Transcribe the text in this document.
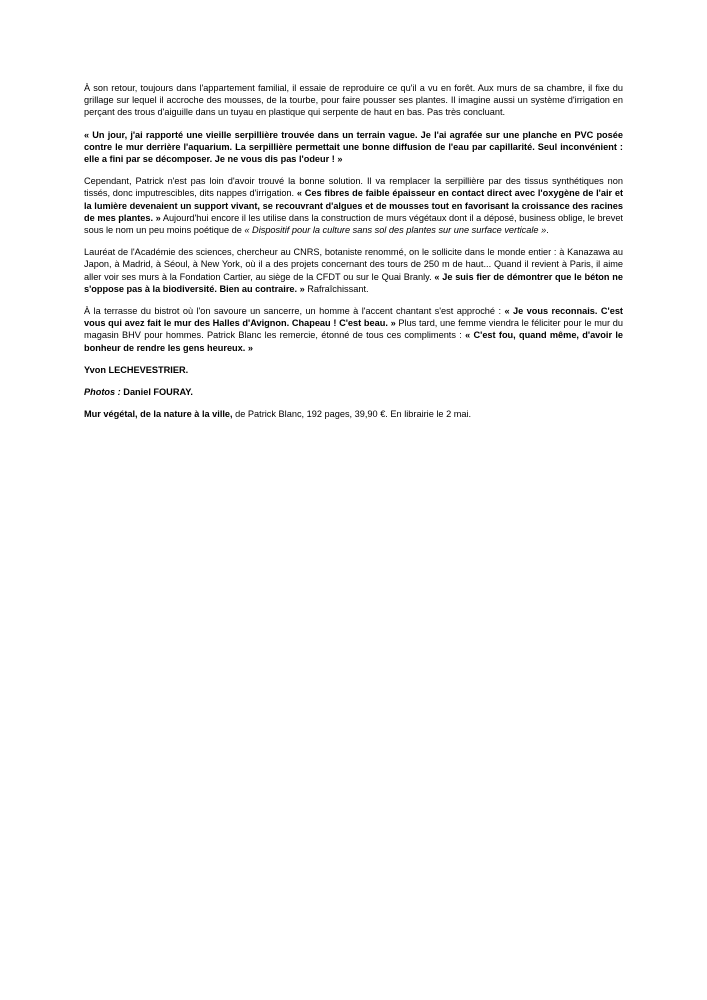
À son retour, toujours dans l'appartement familial, il essaie de reproduire ce qu'il a vu en forêt. Aux murs de sa chambre, il fixe du grillage sur lequel il accroche des mousses, de la tourbe, pour faire pousser ses plantes. Il imagine aussi un système d'irrigation en perçant des trous d'aiguille dans un tuyau en plastique qui serpente de haut en bas. Pas très concluant.

« Un jour, j'ai rapporté une vieille serpillière trouvée dans un terrain vague. Je l'ai agrafée sur une planche en PVC posée contre le mur derrière l'aquarium. La serpillière permettait une bonne diffusion de l'eau par capillarité. Seul inconvénient : elle a fini par se décomposer. Je ne vous dis pas l'odeur ! »

Cependant, Patrick n'est pas loin d'avoir trouvé la bonne solution. Il va remplacer la serpillière par des tissus synthétiques non tissés, donc imputrescibles, dits nappes d'irrigation. « Ces fibres de faible épaisseur en contact direct avec l'oxygène de l'air et la lumière devenaient un support vivant, se recouvrant d'algues et de mousses tout en favorisant la croissance des racines de mes plantes. » Aujourd'hui encore il les utilise dans la construction de murs végétaux dont il a déposé, business oblige, le brevet sous le nom un peu moins poétique de « Dispositif pour la culture sans sol des plantes sur une surface verticale ».

Lauréat de l'Académie des sciences, chercheur au CNRS, botaniste renommé, on le sollicite dans le monde entier : à Kanazawa au Japon, à Madrid, à Séoul, à New York, où il a des projets concernant des tours de 250 m de haut... Quand il revient à Paris, il aime aller voir ses murs à la Fondation Cartier, au siège de la CFDT ou sur le Quai Branly. « Je suis fier de démontrer que le béton ne s'oppose pas à la biodiversité. Bien au contraire. » Rafraîchissant.

À la terrasse du bistrot où l'on savoure un sancerre, un homme à l'accent chantant s'est approché : « Je vous reconnais. C'est vous qui avez fait le mur des Halles d'Avignon. Chapeau ! C'est beau. » Plus tard, une femme viendra le féliciter pour le mur du magasin BHV pour hommes. Patrick Blanc les remercie, étonné de tous ces compliments : « C'est fou, quand même, d'avoir le bonheur de rendre les gens heureux. »

Yvon LECHEVESTRIER.

Photos : Daniel FOURAY.

Mur végétal, de la nature à la ville, de Patrick Blanc, 192 pages, 39,90 €. En librairie le 2 mai.
